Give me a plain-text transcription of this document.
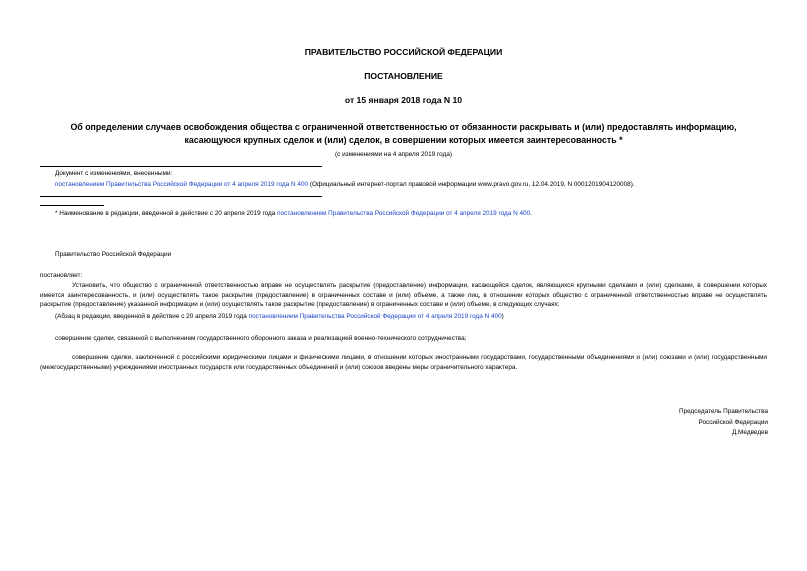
ПРАВИТЕЛЬСТВО РОССИЙСКОЙ ФЕДЕРАЦИИ
ПОСТАНОВЛЕНИЕ
от 15 января 2018 года N 10
Об определении случаев освобождения общества с ограниченной ответственностью от обязанности раскрывать и (или) предоставлять информацию,
касающуюся крупных сделок и (или) сделок, в совершении которых имеется заинтересованность *
(с изменениями на 4 апреля 2019 года)
Документ с изменениями, внесенными:
постановлением Правительства Российской Федерации от 4 апреля 2019 года N 400 (Официальный интернет-портал правовой информации www.pravo.gov.ru, 12.04.2019, N 0001201904120008).
* Наименование в редакции, введенной в действие с 20 апреля 2019 года постановлением Правительства Российской Федерации от 4 апреля 2019 года N 400.
Правительство Российской Федерации
постановляет:
Установить, что общество с ограниченной ответственностью вправе не осуществлять раскрытие (предоставление) информации, касающейся сделок, являющихся крупными сделками и (или) сделками, в совершении которых имеется заинтересованность, и (или) осуществлять такое раскрытие (предоставление) в ограниченных составе и (или) объеме, а также лиц, в отношении которых общество с ограниченной ответственностью вправе не осуществлять раскрытие (предоставление) указанной информации и (или) осуществлять такое раскрытие (предоставление) в ограниченных составе и (или) объеме, в следующих случаях:
(Абзац в редакции, введенной в действие с 20 апреля 2019 года постановлением Правительства Российской Федерации от 4 апреля 2019 года N 400)
совершение сделки, связанной с выполнением государственного оборонного заказа и реализацией военно-технического сотрудничества;
совершение сделки, заключенной с российскими юридическими лицами и физическими лицами, в отношении которых иностранными государствами, государственными объединениями и (или) союзами и (или) государственными (межгосударственными) учреждениями иностранных государств или государственных объединений и (или) союзов введены меры ограничительного характера.
Председатель Правительства
Российской Федерации
Д.Медведев
